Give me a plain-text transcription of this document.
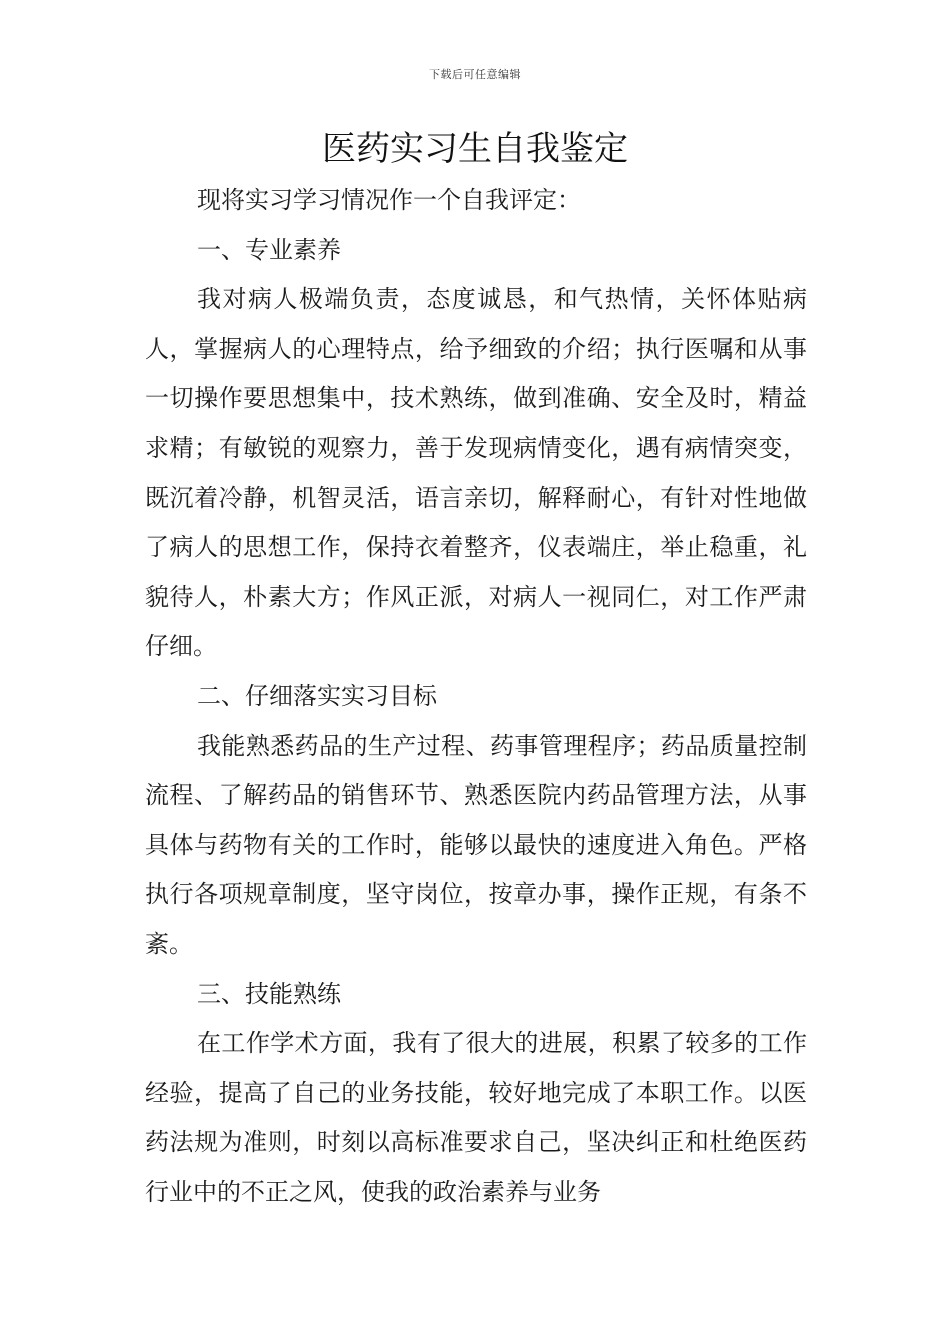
下载后可任意编辑
医药实习生自我鉴定

现将实习学习情况作一个自我评定：

一、专业素养

我对病人极端负责，态度诚恳，和气热情，关怀体贴病人，掌握病人的心理特点，给予细致的介绍；执行医嘱和从事一切操作要思想集中，技术熟练，做到准确、安全及时，精益求精；有敏锐的观察力，善于发现病情变化，遇有病情突变，既沉着冷静，机智灵活，语言亲切，解释耐心，有针对性地做了病人的思想工作，保持衣着整齐，仪表端庄，举止稳重，礼貌待人，朴素大方；作风正派，对病人一视同仁，对工作严肃仔细。

二、仔细落实实习目标

我能熟悉药品的生产过程、药事管理程序；药品质量控制流程、了解药品的销售环节、熟悉医院内药品管理方法，从事具体与药物有关的工作时，能够以最快的速度进入角色。严格执行各项规章制度，坚守岗位，按章办事，操作正规，有条不紊。

三、技能熟练

在工作学术方面，我有了很大的进展，积累了较多的工作经验，提高了自己的业务技能，较好地完成了本职工作。以医药法规为准则，时刻以高标准要求自己，坚决纠正和杜绝医药行业中的不正之风，使我的政治素养与业务
